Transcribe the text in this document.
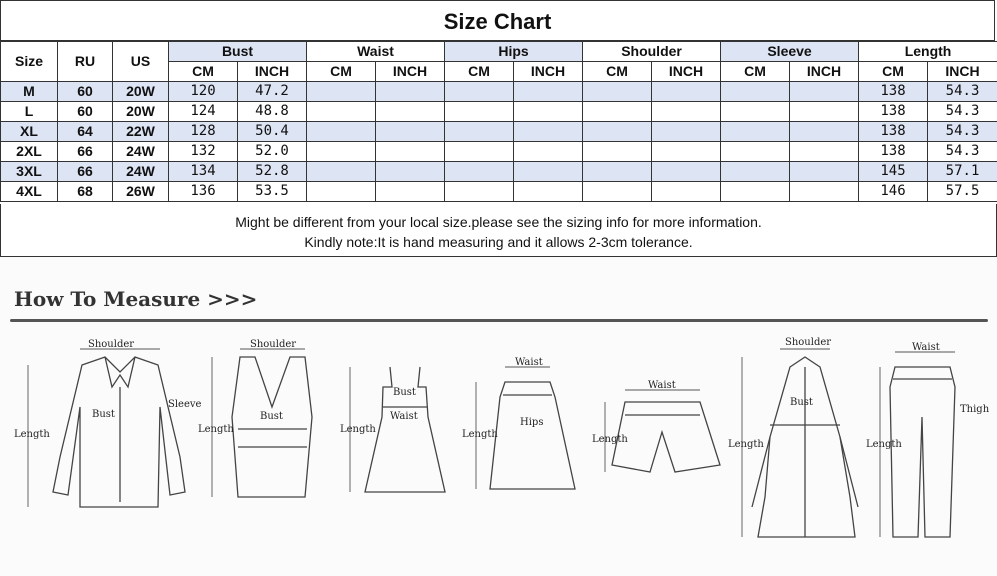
Size Chart
Size	RU	US	Bust		Waist		Hips		Shoulder		Sleeve		Length	
			CM	INCH	CM	INCH	CM	INCH	CM	INCH	CM	INCH	CM	INCH
M	60	20W	120	47.2									138	54.3
L	60	20W	124	48.8									138	54.3
XL	64	22W	128	50.4									138	54.3
2XL	66	24W	132	52.0									138	54.3
3XL	66	24W	134	52.8									145	57.1
4XL	68	26W	136	53.5									146	57.5
Might be different from your local size.please see the sizing info for more information.
Kindly note:It is hand measuring and it allows 2-3cm tolerance.
How To Measure >>>
Shoulder
Bust
Sleeve
Length
Shoulder
Bust
Length
Bust
Waist
Length
Waist
Hips
Length
Waist
Length
Shoulder
Bust
Length
Waist
Thigh
Length
